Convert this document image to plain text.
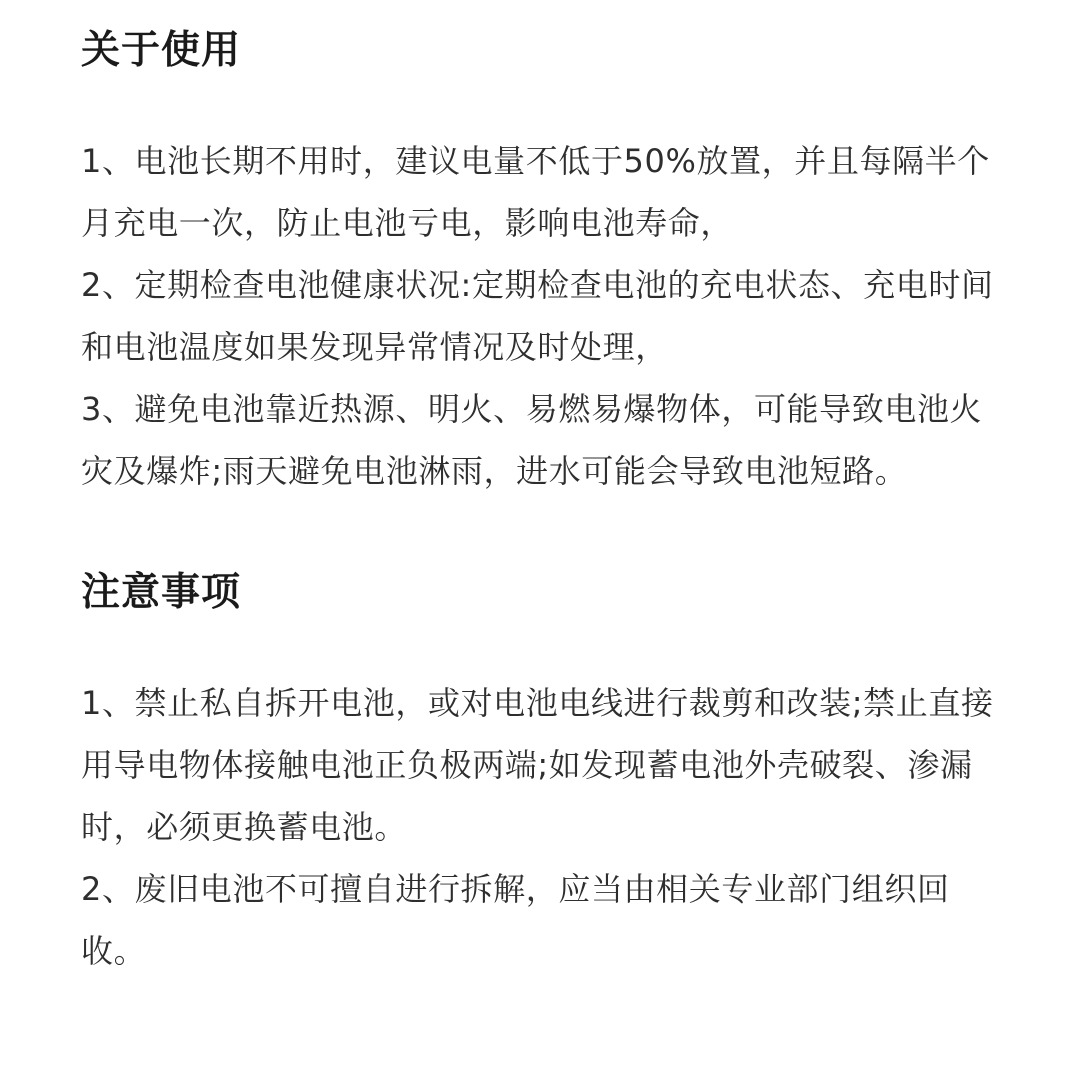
关于使用
1、电池长期不用时，建议电量不低于50%放置，并且每隔半个月充电一次，防止电池亏电，影响电池寿命，
2、定期检查电池健康状况:定期检查电池的充电状态、充电时间和电池温度如果发现异常情况及时处理，
3、避免电池靠近热源、明火、易燃易爆物体，可能导致电池火灾及爆炸;雨天避免电池淋雨，进水可能会导致电池短路。
注意事项
1、禁止私自拆开电池，或对电池电线进行裁剪和改装;禁止直接用导电物体接触电池正负极两端;如发现蓄电池外壳破裂、渗漏时，必须更换蓄电池。
2、废旧电池不可擅自进行拆解，应当由相关专业部门组织回收。
